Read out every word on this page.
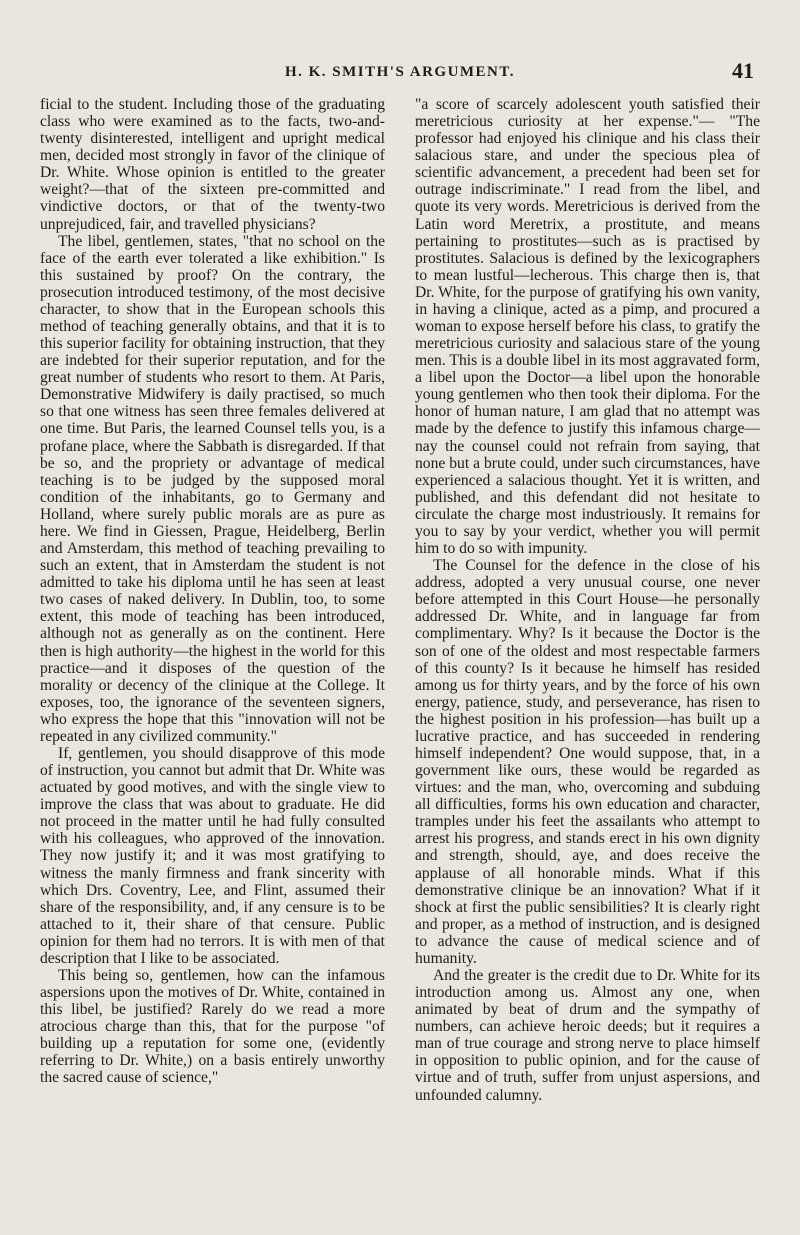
H. K. SMITH'S ARGUMENT.	41

ficial to the student. Including those of the graduating class who were examined as to the facts, two-and-twenty disinterested, intelligent and upright medical men, decided most strongly in favor of the clinique of Dr. White. Whose opinion is entitled to the greater weight?—that of the sixteen pre-committed and vindictive doctors, or that of the twenty-two unprejudiced, fair, and travelled physicians?

The libel, gentlemen, states, "that no school on the face of the earth ever tolerated a like exhibition." Is this sustained by proof? On the contrary, the prosecution introduced testimony, of the most decisive character, to show that in the European schools this method of teaching generally obtains, and that it is to this superior facility for obtaining instruction, that they are indebted for their superior reputation, and for the great number of students who resort to them. At Paris, Demonstrative Midwifery is daily practised, so much so that one witness has seen three females delivered at one time. But Paris, the learned Counsel tells you, is a profane place, where the Sabbath is disregarded. If that be so, and the propriety or advantage of medical teaching is to be judged by the supposed moral condition of the inhabitants, go to Germany and Holland, where surely public morals are as pure as here. We find in Giessen, Prague, Heidelberg, Berlin and Amsterdam, this method of teaching prevailing to such an extent, that in Amsterdam the student is not admitted to take his diploma until he has seen at least two cases of naked delivery. In Dublin, too, to some extent, this mode of teaching has been introduced, although not as generally as on the continent. Here then is high authority—the highest in the world for this practice—and it disposes of the question of the morality or decency of the clinique at the College. It exposes, too, the ignorance of the seventeen signers, who express the hope that this "innovation will not be repeated in any civilized community."

If, gentlemen, you should disapprove of this mode of instruction, you cannot but admit that Dr. White was actuated by good motives, and with the single view to improve the class that was about to graduate. He did not proceed in the matter until he had fully consulted with his colleagues, who approved of the innovation. They now justify it; and it was most gratifying to witness the manly firmness and frank sincerity with which Drs. Coventry, Lee, and Flint, assumed their share of the responsibility, and, if any censure is to be attached to it, their share of that censure. Public opinion for them had no terrors. It is with men of that description that I like to be associated.

This being so, gentlemen, how can the infamous aspersions upon the motives of Dr. White, contained in this libel, be justified? Rarely do we read a more atrocious charge than this, that for the purpose "of building up a reputation for some one, (evidently referring to Dr. White,) on a basis entirely unworthy the sacred cause of science,"

"a score of scarcely adolescent youth satisfied their meretricious curiosity at her expense."— "The professor had enjoyed his clinique and his class their salacious stare, and under the specious plea of scientific advancement, a precedent had been set for outrage indiscriminate." I read from the libel, and quote its very words. Meretricious is derived from the Latin word Meretrix, a prostitute, and means pertaining to prostitutes—such as is practised by prostitutes. Salacious is defined by the lexicographers to mean lustful—lecherous. This charge then is, that Dr. White, for the purpose of gratifying his own vanity, in having a clinique, acted as a pimp, and procured a woman to expose herself before his class, to gratify the meretricious curiosity and salacious stare of the young men. This is a double libel in its most aggravated form, a libel upon the Doctor—a libel upon the honorable young gentlemen who then took their diploma. For the honor of human nature, I am glad that no attempt was made by the defence to justify this infamous charge—nay the counsel could not refrain from saying, that none but a brute could, under such circumstances, have experienced a salacious thought. Yet it is written, and published, and this defendant did not hesitate to circulate the charge most industriously. It remains for you to say by your verdict, whether you will permit him to do so with impunity.

The Counsel for the defence in the close of his address, adopted a very unusual course, one never before attempted in this Court House—he personally addressed Dr. White, and in language far from complimentary. Why? Is it because the Doctor is the son of one of the oldest and most respectable farmers of this county? Is it because he himself has resided among us for thirty years, and by the force of his own energy, patience, study, and perseverance, has risen to the highest position in his profession—has built up a lucrative practice, and has succeeded in rendering himself independent? One would suppose, that, in a government like ours, these would be regarded as virtues: and the man, who, overcoming and subduing all difficulties, forms his own education and character, tramples under his feet the assailants who attempt to arrest his progress, and stands erect in his own dignity and strength, should, aye, and does receive the applause of all honorable minds. What if this demonstrative clinique be an innovation? What if it shock at first the public sensibilities? It is clearly right and proper, as a method of instruction, and is designed to advance the cause of medical science and of humanity.

And the greater is the credit due to Dr. White for its introduction among us. Almost any one, when animated by beat of drum and the sympathy of numbers, can achieve heroic deeds; but it requires a man of true courage and strong nerve to place himself in opposition to public opinion, and for the cause of virtue and of truth, suffer from unjust aspersions, and unfounded calumny.
